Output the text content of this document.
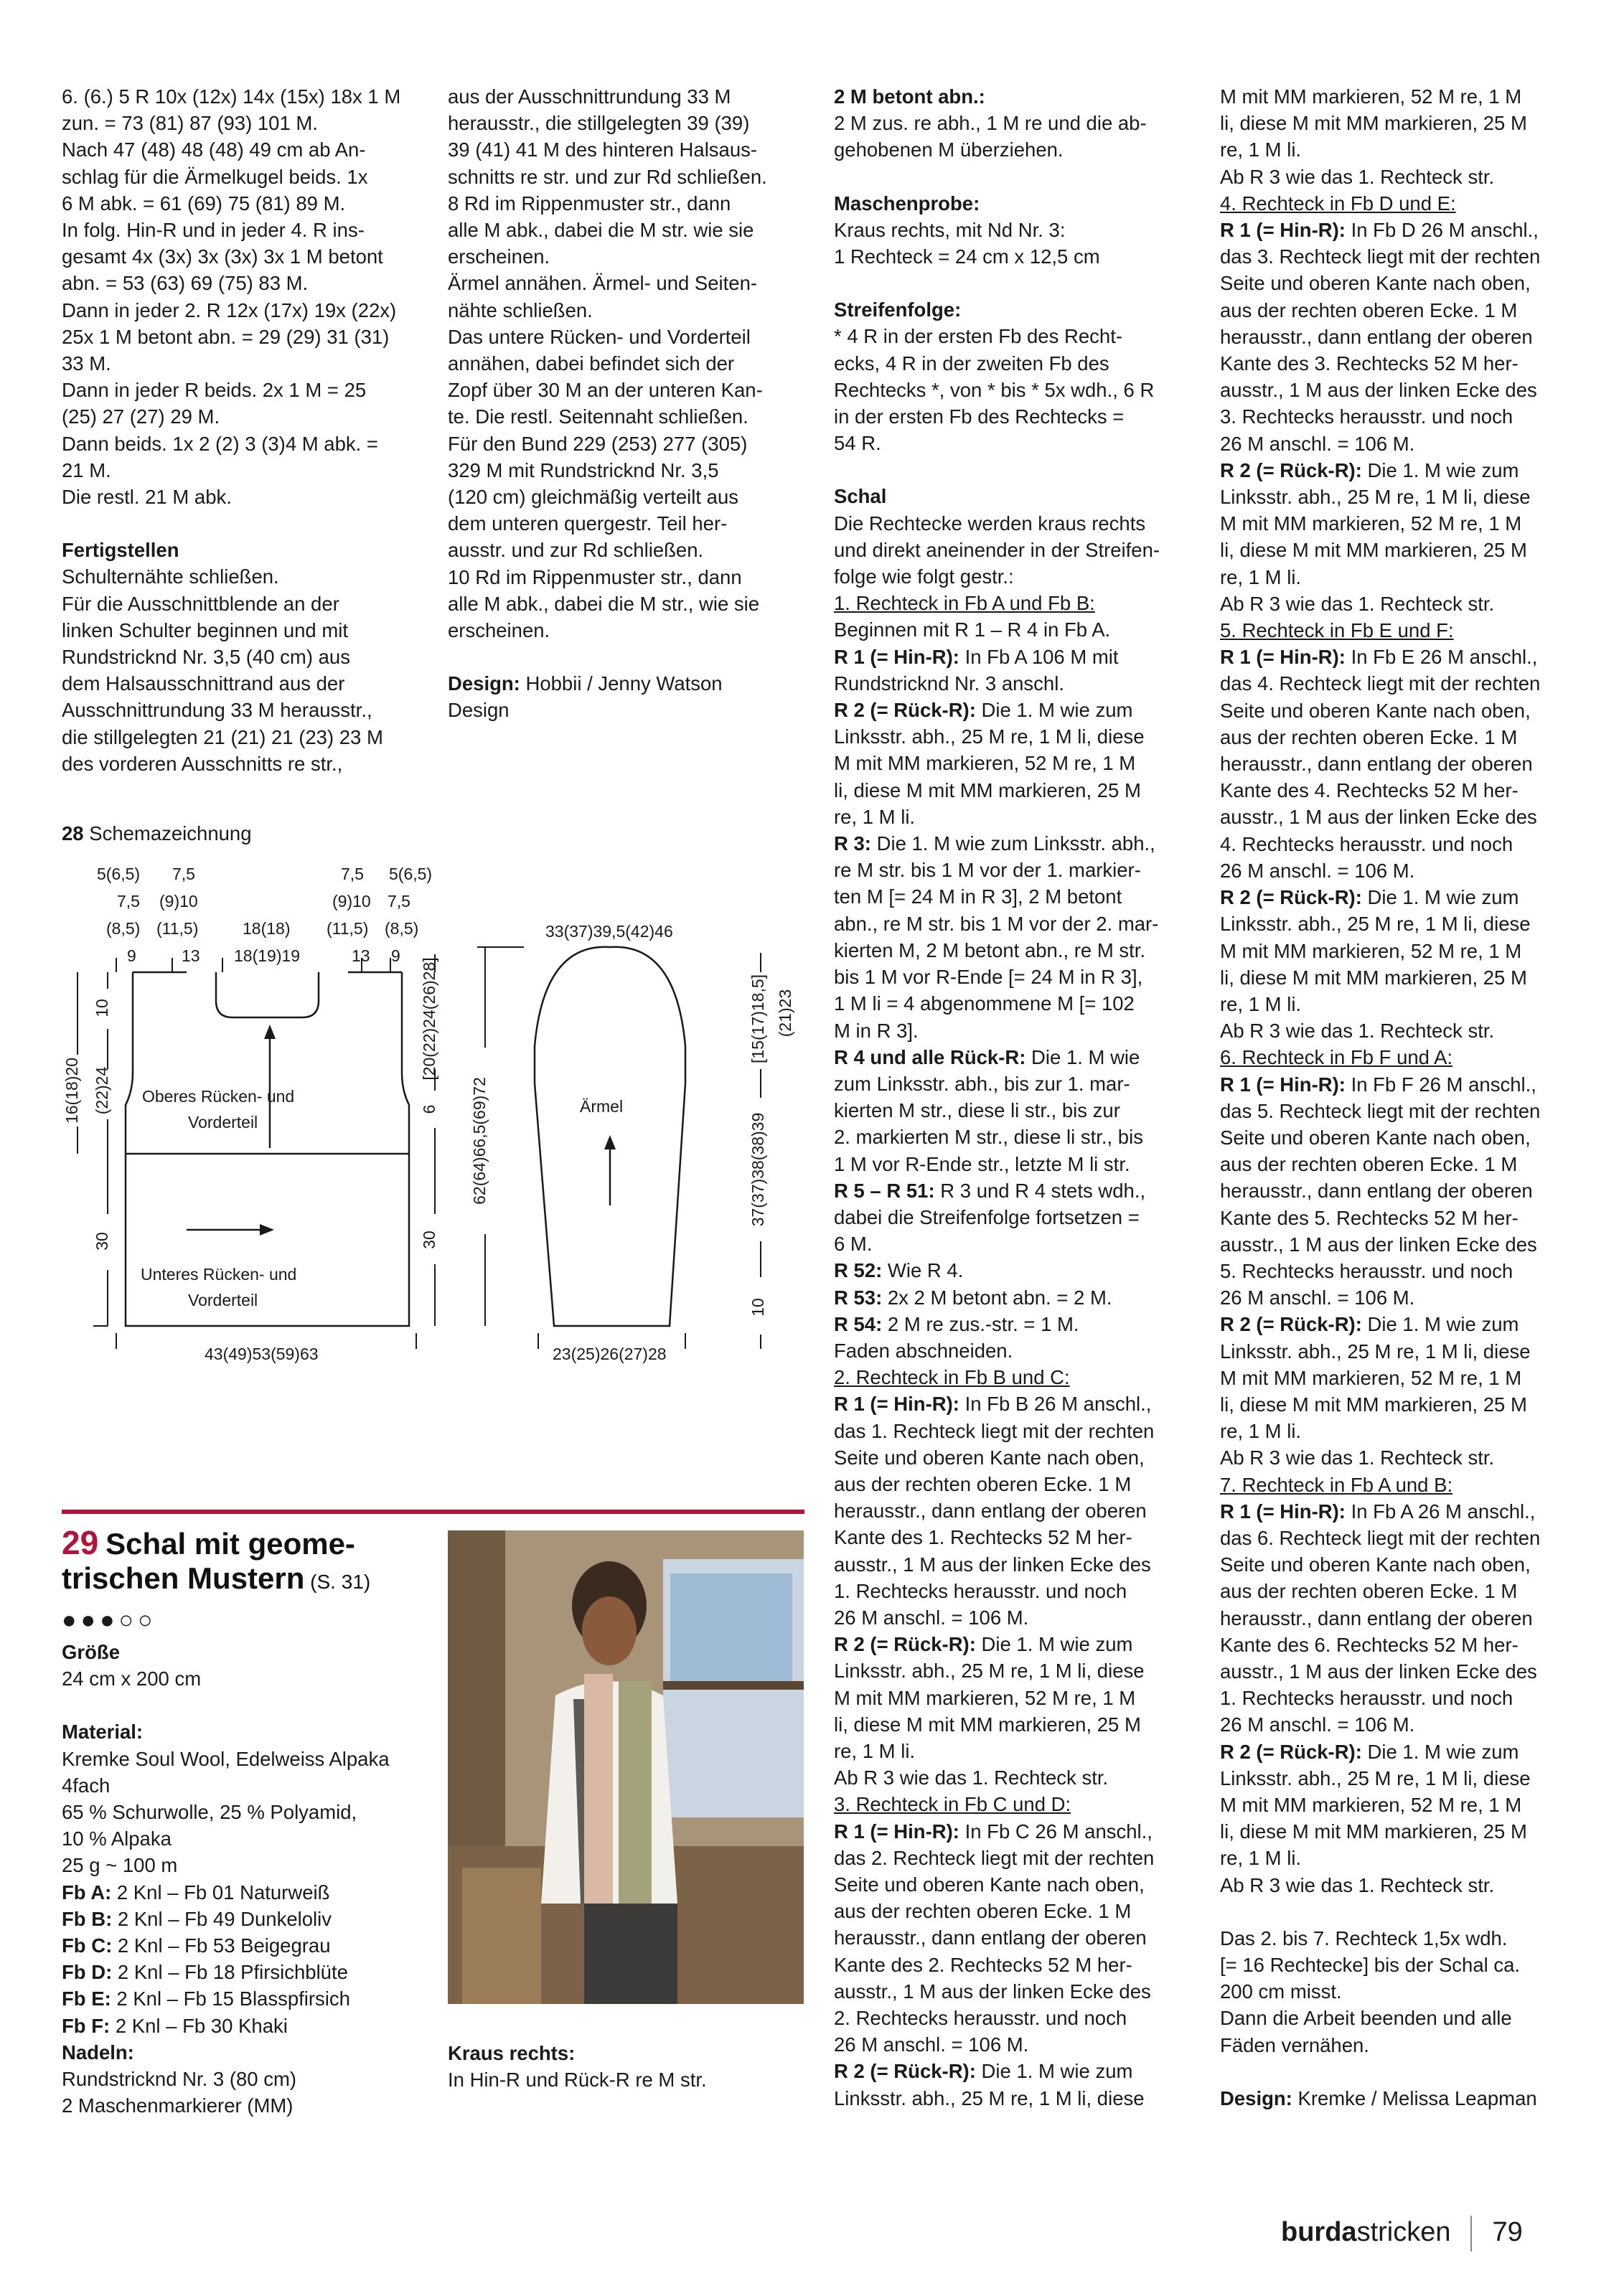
6. (6.) 5 R 10x (12x) 14x (15x) 18x 1 M
zun. = 73 (81) 87 (93) 101 M.
Nach 47 (48) 48 (48) 49 cm ab An-
schlag für die Ärmelkugel beids. 1x
6 M abk. = 61 (69) 75 (81) 89 M.
In folg. Hin-R und in jeder 4. R ins-
gesamt 4x (3x) 3x (3x) 3x 1 M betont
abn. = 53 (63) 69 (75) 83 M.
Dann in jeder 2. R 12x (17x) 19x (22x)
25x 1 M betont abn. = 29 (29) 31 (31)
33 M.
Dann in jeder R beids. 2x 1 M = 25
(25) 27 (27) 29 M.
Dann beids. 1x 2 (2) 3 (3)4 M abk. =
21 M.
Die restl. 21 M abk.

Fertigstellen

Schulternähte schließen.
Für die Ausschnittblende an der
linken Schulter beginnen und mit
Rundstricknd Nr. 3,5 (40 cm) aus
dem Halsausschnittrand aus der
Ausschnittrundung 33 M herausstr.,
die stillgelegten 21 (21) 21 (23) 23 M
des vorderen Ausschnitts re str.,

aus der Ausschnittrundung 33 M
herausstr., die stillgelegten 39 (39)
39 (41) 41 M des hinteren Halsaus-
schnitts re str. und zur Rd schließen.
8 Rd im Rippenmuster str., dann
alle M abk., dabei die M str. wie sie
erscheinen.
Ärmel annähen. Ärmel- und Seiten-
nähte schließen.
Das untere Rücken- und Vorderteil
annähen, dabei befindet sich der
Zopf über 30 M an der unteren Kan-
te. Die restl. Seitennaht schließen.
Für den Bund 229 (253) 277 (305)
329 M mit Rundstricknd Nr. 3,5
(120 cm) gleichmäßig verteilt aus
dem unteren quergestr. Teil her-
ausstr. und zur Rd schließen.
10 Rd im Rippenmuster str., dann
alle M abk., dabei die M str., wie sie
erscheinen.

Design: Hobbii / Jenny Watson
Design

2 M betont abn.:

2 M zus. re abh., 1 M re und die ab-
gehobenen M überziehen.

Maschenprobe:

Kraus rechts, mit Nd Nr. 3:
1 Rechteck = 24 cm x 12,5 cm

Streifenfolge:

* 4 R in der ersten Fb des Recht-
ecks, 4 R in der zweiten Fb des
Rechtecks *, von * bis * 5x wdh., 6 R
in der ersten Fb des Rechtecks =
54 R.

Schal

Die Rechtecke werden kraus rechts
und direkt aneinender in der Streifen-
folge wie folgt gestr.:

1. Rechteck in Fb A und Fb B:

Beginnen mit R 1 – R 4 in Fb A.

R 1 (= Hin-R): In Fb A 106 M mit
Rundstricknd Nr. 3 anschl.

R 2 (= Rück-R): Die 1. M wie zum
Linksstr. abh., 25 M re, 1 M li, diese
M mit MM markieren, 52 M re, 1 M
li, diese M mit MM markieren, 25 M
re, 1 M li.

R 3: Die 1. M wie zum Linksstr. abh.,
re M str. bis 1 M vor der 1. markier-
ten M [= 24 M in R 3], 2 M betont
abn., re M str. bis 1 M vor der 2. mar-
kierten M, 2 M betont abn., re M str.
bis 1 M vor R-Ende [= 24 M in R 3],
1 M li = 4 abgenommene M [= 102
M in R 3].

R 4 und alle Rück-R: Die 1. M wie
zum Linksstr. abh., bis zur 1. mar-
kierten M str., diese li str., bis zur
2. markierten M str., diese li str., bis
1 M vor R-Ende str., letzte M li str.

R 5 – R 51: R 3 und R 4 stets wdh.,
dabei die Streifenfolge fortsetzen =
6 M.

R 52: Wie R 4.

R 53: 2x 2 M betont abn. = 2 M.

R 54: 2 M re zus.-str. = 1 M.
Faden abschneiden.

2. Rechteck in Fb B und C:

R 1 (= Hin-R): In Fb B 26 M anschl.,
das 1. Rechteck liegt mit der rechten
Seite und oberen Kante nach oben,
aus der rechten oberen Ecke. 1 M
herausstr., dann entlang der oberen
Kante des 1. Rechtecks 52 M her-
ausstr., 1 M aus der linken Ecke des
1. Rechtecks herausstr. und noch
26 M anschl. = 106 M.

R 2 (= Rück-R): Die 1. M wie zum
Linksstr. abh., 25 M re, 1 M li, diese
M mit MM markieren, 52 M re, 1 M
li, diese M mit MM markieren, 25 M
re, 1 M li.
Ab R 3 wie das 1. Rechteck str.

3. Rechteck in Fb C und D:

R 1 (= Hin-R): In Fb C 26 M anschl.,
das 2. Rechteck liegt mit der rechten
Seite und oberen Kante nach oben,
aus der rechten oberen Ecke. 1 M
herausstr., dann entlang der oberen
Kante des 2. Rechtecks 52 M her-
ausstr., 1 M aus der linken Ecke des
2. Rechtecks herausstr. und noch
26 M anschl. = 106 M.

R 2 (= Rück-R): Die 1. M wie zum
Linksstr. abh., 25 M re, 1 M li, diese

M mit MM markieren, 52 M re, 1 M
li, diese M mit MM markieren, 25 M
re, 1 M li.
Ab R 3 wie das 1. Rechteck str.

4. Rechteck in Fb D und E:

R 1 (= Hin-R): In Fb D 26 M anschl.,
das 3. Rechteck liegt mit der rechten
Seite und oberen Kante nach oben,
aus der rechten oberen Ecke. 1 M
herausstr., dann entlang der oberen
Kante des 3. Rechtecks 52 M her-
ausstr., 1 M aus der linken Ecke des
3. Rechtecks herausstr. und noch
26 M anschl. = 106 M.

R 2 (= Rück-R): Die 1. M wie zum
Linksstr. abh., 25 M re, 1 M li, diese
M mit MM markieren, 52 M re, 1 M
li, diese M mit MM markieren, 25 M
re, 1 M li.
Ab R 3 wie das 1. Rechteck str.

5. Rechteck in Fb E und F:

R 1 (= Hin-R): In Fb E 26 M anschl.,
das 4. Rechteck liegt mit der rechten
Seite und oberen Kante nach oben,
aus der rechten oberen Ecke. 1 M
herausstr., dann entlang der oberen
Kante des 4. Rechtecks 52 M her-
ausstr., 1 M aus der linken Ecke des
4. Rechtecks herausstr. und noch
26 M anschl. = 106 M.

R 2 (= Rück-R): Die 1. M wie zum
Linksstr. abh., 25 M re, 1 M li, diese
M mit MM markieren, 52 M re, 1 M
li, diese M mit MM markieren, 25 M
re, 1 M li.
Ab R 3 wie das 1. Rechteck str.

6. Rechteck in Fb F und A:

R 1 (= Hin-R): In Fb F 26 M anschl.,
das 5. Rechteck liegt mit der rechten
Seite und oberen Kante nach oben,
aus der rechten oberen Ecke. 1 M
herausstr., dann entlang der oberen
Kante des 5. Rechtecks 52 M her-
ausstr., 1 M aus der linken Ecke des
5. Rechtecks herausstr. und noch
26 M anschl. = 106 M.

R 2 (= Rück-R): Die 1. M wie zum
Linksstr. abh., 25 M re, 1 M li, diese
M mit MM markieren, 52 M re, 1 M
li, diese M mit MM markieren, 25 M
re, 1 M li.
Ab R 3 wie das 1. Rechteck str.

7. Rechteck in Fb A und B:

R 1 (= Hin-R): In Fb A 26 M anschl.,
das 6. Rechteck liegt mit der rechten
Seite und oberen Kante nach oben,
aus der rechten oberen Ecke. 1 M
herausstr., dann entlang der oberen
Kante des 6. Rechtecks 52 M her-
ausstr., 1 M aus der linken Ecke des
1. Rechtecks herausstr. und noch
26 M anschl. = 106 M.

R 2 (= Rück-R): Die 1. M wie zum
Linksstr. abh., 25 M re, 1 M li, diese
M mit MM markieren, 52 M re, 1 M
li, diese M mit MM markieren, 25 M
re, 1 M li.
Ab R 3 wie das 1. Rechteck str.

Das 2. bis 7. Rechteck 1,5x wdh.
[= 16 Rechtecke] bis der Schal ca.
200 cm misst.
Dann die Arbeit beenden und alle
Fäden vernähen.

Design: Kremke / Melissa Leapman

28 Schemazeichnung
5(6,5) 7,5	7,5 5(6,5)
7,5 (9)10	(9)10 7,5
(8,5) (11,5)	18(18) (11,5) (8,5)
9	13 18(19)19	13 9
Oberes Rücken- und
Vorderteil
Unteres Rücken- und
Vorderteil
43(49)53(59)63
33(37)39,5(42)46
Ärmel
23(25)26(27)28
16(18)20 (22)24
10
30
[20(22)24(26)28]
6
30
62(64)66,5(69)72
[15(17)18,5] (21)23
37(37)38(38)39
10
29 Schal mit geome-
trischen Mustern (S. 31)
●●●○○

Größe

24 cm x 200 cm

Material:

Kremke Soul Wool, Edelweiss Alpaka
4fach
65 % Schurwolle, 25 % Polyamid,
10 % Alpaka
25 g ~ 100 m

Fb A: 2 Knl – Fb 01 Naturweiß

Fb B: 2 Knl – Fb 49 Dunkeloliv

Fb C: 2 Knl – Fb 53 Beigegrau

Fb D: 2 Knl – Fb 18 Pfirsichblüte

Fb E: 2 Knl – Fb 15 Blasspfirsich

Fb F: 2 Knl – Fb 30 Khaki

Nadeln:

Rundstricknd Nr. 3 (80 cm)
2 Maschenmarkierer (MM)

Kraus rechts:
In Hin-R und Rück-R re M str.
burdastricken 79
